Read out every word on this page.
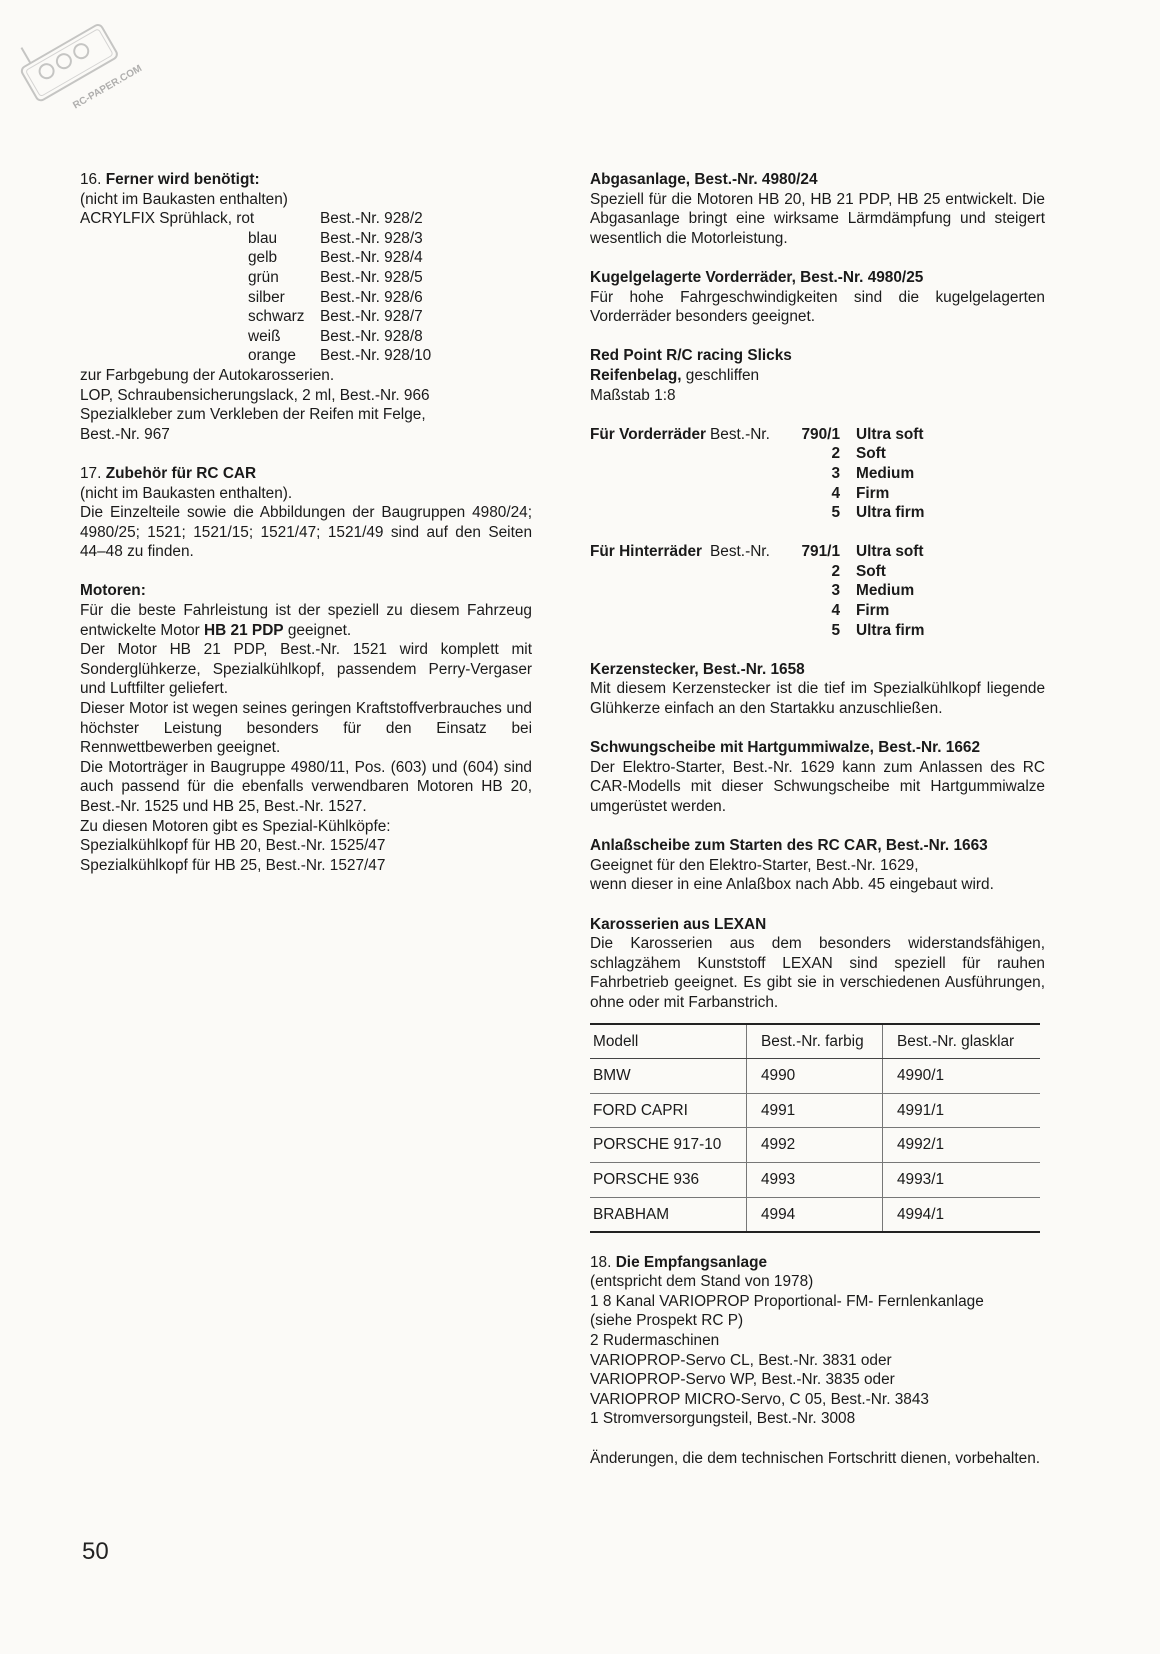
RC-PAPER.COM

16. Ferner wird benötigt:

(nicht im Baukasten enthalten)

ACRYLFIX Sprühlack, rot	Best.-Nr. 928/2
blau	Best.-Nr. 928/3
gelb	Best.-Nr. 928/4
grün	Best.-Nr. 928/5
silber	Best.-Nr. 928/6
schwarz	Best.-Nr. 928/7
weiß	Best.-Nr. 928/8
orange	Best.-Nr. 928/10

zur Farbgebung der Autokarosserien.

LOP, Schraubensicherungslack, 2 ml, Best.-Nr. 966

Spezialkleber zum Verkleben der Reifen mit Felge,

Best.-Nr. 967

17. Zubehör für RC CAR

(nicht im Baukasten enthalten).

Die Einzelteile sowie die Abbildungen der Baugruppen 4980/24; 4980/25; 1521; 1521/15; 1521/47; 1521/49 sind auf den Seiten 44–48 zu finden.

Motoren:

Für die beste Fahrleistung ist der speziell zu diesem Fahrzeug entwickelte Motor HB 21 PDP geeignet.

Der Motor HB 21 PDP, Best.-Nr. 1521 wird komplett mit Sonderglühkerze, Spezialkühlkopf, passendem Perry-Vergaser und Luftfilter geliefert.

Dieser Motor ist wegen seines geringen Kraftstoffverbrauches und höchster Leistung besonders für den Einsatz bei Rennwettbewerben geeignet.

Die Motorträger in Baugruppe 4980/11, Pos. (603) und (604) sind auch passend für die ebenfalls verwendbaren Motoren HB 20, Best.-Nr. 1525 und HB 25, Best.-Nr. 1527.

Zu diesen Motoren gibt es Spezial-Kühlköpfe:

Spezialkühlkopf für HB 20, Best.-Nr. 1525/47

Spezialkühlkopf für HB 25, Best.-Nr. 1527/47

Abgasanlage, Best.-Nr. 4980/24

Speziell für die Motoren HB 20, HB 21 PDP, HB 25 entwickelt. Die Abgasanlage bringt eine wirksame Lärmdämpfung und steigert wesentlich die Motorleistung.

Kugelgelagerte Vorderräder, Best.-Nr. 4980/25

Für hohe Fahrgeschwindigkeiten sind die kugelgelagerten Vorderräder besonders geeignet.

Red Point R/C racing Slicks

Reifenbelag, geschliffen

Maßstab 1:8

Für Vorderräder Best.-Nr.	790/1 Ultra soft
2 Soft
3 Medium
4 Firm
5 Ultra firm
Für Hinterräder Best.-Nr.	791/1 Ultra soft
2 Soft
3 Medium
4 Firm
5 Ultra firm

Kerzenstecker, Best.-Nr. 1658

Mit diesem Kerzenstecker ist die tief im Spezialkühlkopf liegende Glühkerze einfach an den Startakku anzuschließen.

Schwungscheibe mit Hartgummiwalze, Best.-Nr. 1662

Der Elektro-Starter, Best.-Nr. 1629 kann zum Anlassen des RC CAR-Modells mit dieser Schwungscheibe mit Hartgummiwalze umgerüstet werden.

Anlaßscheibe zum Starten des RC CAR, Best.-Nr. 1663

Geeignet für den Elektro-Starter, Best.-Nr. 1629,

wenn dieser in eine Anlaßbox nach Abb. 45 eingebaut wird.

Karosserien aus LEXAN

Die Karosserien aus dem besonders widerstandsfähigen, schlagzähem Kunststoff LEXAN sind speziell für rauhen Fahrbetrieb geeignet. Es gibt sie in verschiedenen Ausführungen, ohne oder mit Farbanstrich.

Modell	Best.-Nr. farbig	Best.-Nr. glasklar
BMW	4990	4990/1
FORD CAPRI	4991	4991/1
PORSCHE 917-10	4992	4992/1
PORSCHE 936	4993	4993/1
BRABHAM	4994	4994/1

18. Die Empfangsanlage

(entspricht dem Stand von 1978)

1 8 Kanal VARIOPROP Proportional- FM- Fernlenkanlage

(siehe Prospekt RC P)

2 Rudermaschinen

VARIOPROP-Servo CL, Best.-Nr. 3831 oder

VARIOPROP-Servo WP, Best.-Nr. 3835 oder

VARIOPROP MICRO-Servo, C 05, Best.-Nr. 3843

1 Stromversorgungsteil, Best.-Nr. 3008

Änderungen, die dem technischen Fortschritt dienen, vorbehalten.

50
